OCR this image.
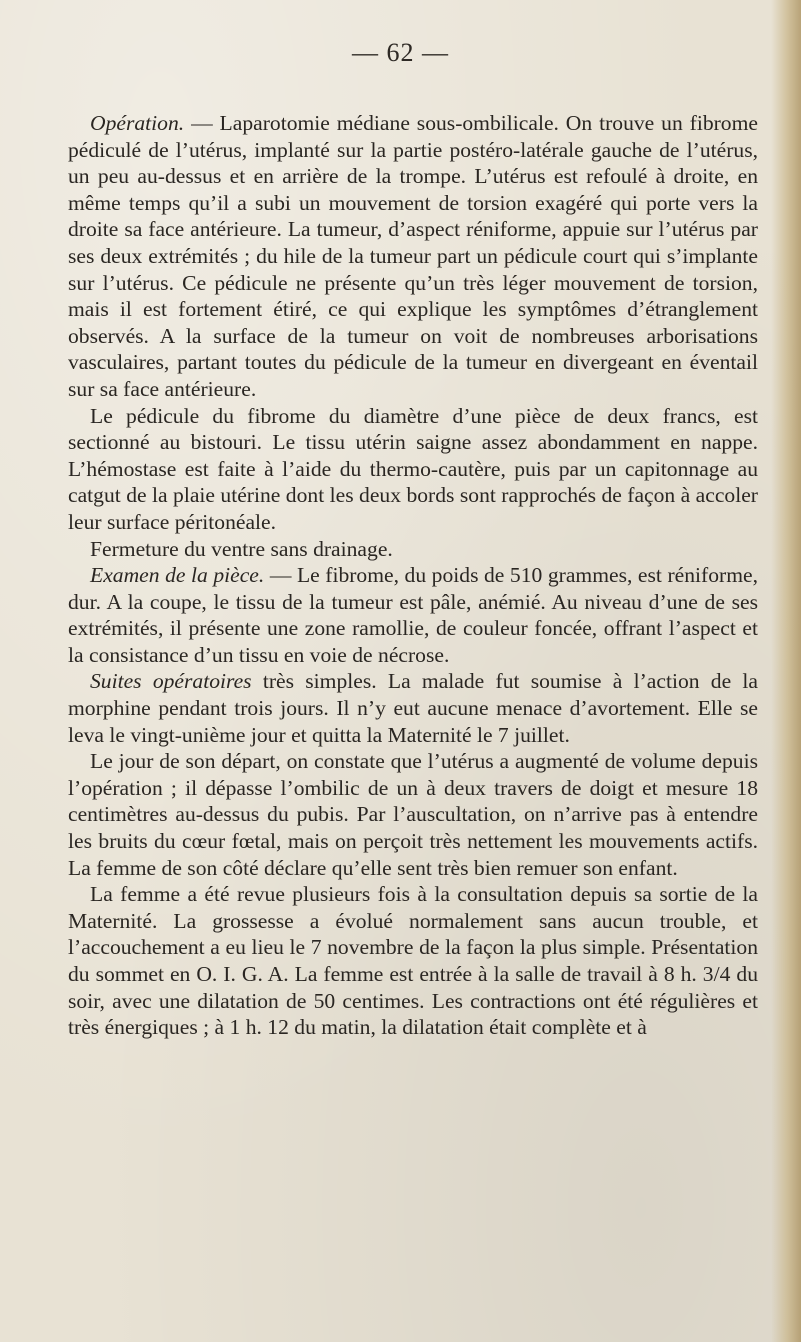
— 62 —

Opération. — Laparotomie médiane sous-ombilicale. On trouve un fibrome pédiculé de l’utérus, implanté sur la partie postéro-latérale gauche de l’utérus, un peu au-dessus et en arrière de la trompe. L’utérus est refoulé à droite, en même temps qu’il a subi un mouvement de torsion exagéré qui porte vers la droite sa face antérieure. La tumeur, d’aspect réniforme, appuie sur l’utérus par ses deux extrémités ; du hile de la tumeur part un pédicule court qui s’implante sur l’utérus. Ce pédicule ne présente qu’un très léger mouvement de torsion, mais il est fortement étiré, ce qui explique les symptômes d’étranglement observés. A la surface de la tumeur on voit de nombreuses arborisations vasculaires, partant toutes du pédicule de la tumeur en divergeant en éventail sur sa face antérieure.

Le pédicule du fibrome du diamètre d’une pièce de deux francs, est sectionné au bistouri. Le tissu utérin saigne assez abondamment en nappe. L’hémostase est faite à l’aide du thermo-cautère, puis par un capitonnage au catgut de la plaie utérine dont les deux bords sont rapprochés de façon à accoler leur surface péritonéale.

Fermeture du ventre sans drainage.

Examen de la pièce. — Le fibrome, du poids de 510 grammes, est réniforme, dur. A la coupe, le tissu de la tumeur est pâle, anémié. Au niveau d’une de ses extrémités, il présente une zone ramollie, de couleur foncée, offrant l’aspect et la consistance d’un tissu en voie de nécrose.

Suites opératoires très simples. La malade fut soumise à l’action de la morphine pendant trois jours. Il n’y eut aucune menace d’avortement. Elle se leva le vingt-unième jour et quitta la Maternité le 7 juillet.

Le jour de son départ, on constate que l’utérus a augmenté de volume depuis l’opération ; il dépasse l’ombilic de un à deux travers de doigt et mesure 18 centimètres au-dessus du pubis. Par l’auscultation, on n’arrive pas à entendre les bruits du cœur fœtal, mais on perçoit très nettement les mouvements actifs. La femme de son côté déclare qu’elle sent très bien remuer son enfant.

La femme a été revue plusieurs fois à la consultation depuis sa sortie de la Maternité. La grossesse a évolué normalement sans aucun trouble, et l’accouchement a eu lieu le 7 novembre de la façon la plus simple. Présentation du sommet en O. I. G. A. La femme est entrée à la salle de travail à 8 h. 3/4 du soir, avec une dilatation de 50 centimes. Les contractions ont été régulières et très énergiques ; à 1 h. 12 du matin, la dilatation était complète et à
